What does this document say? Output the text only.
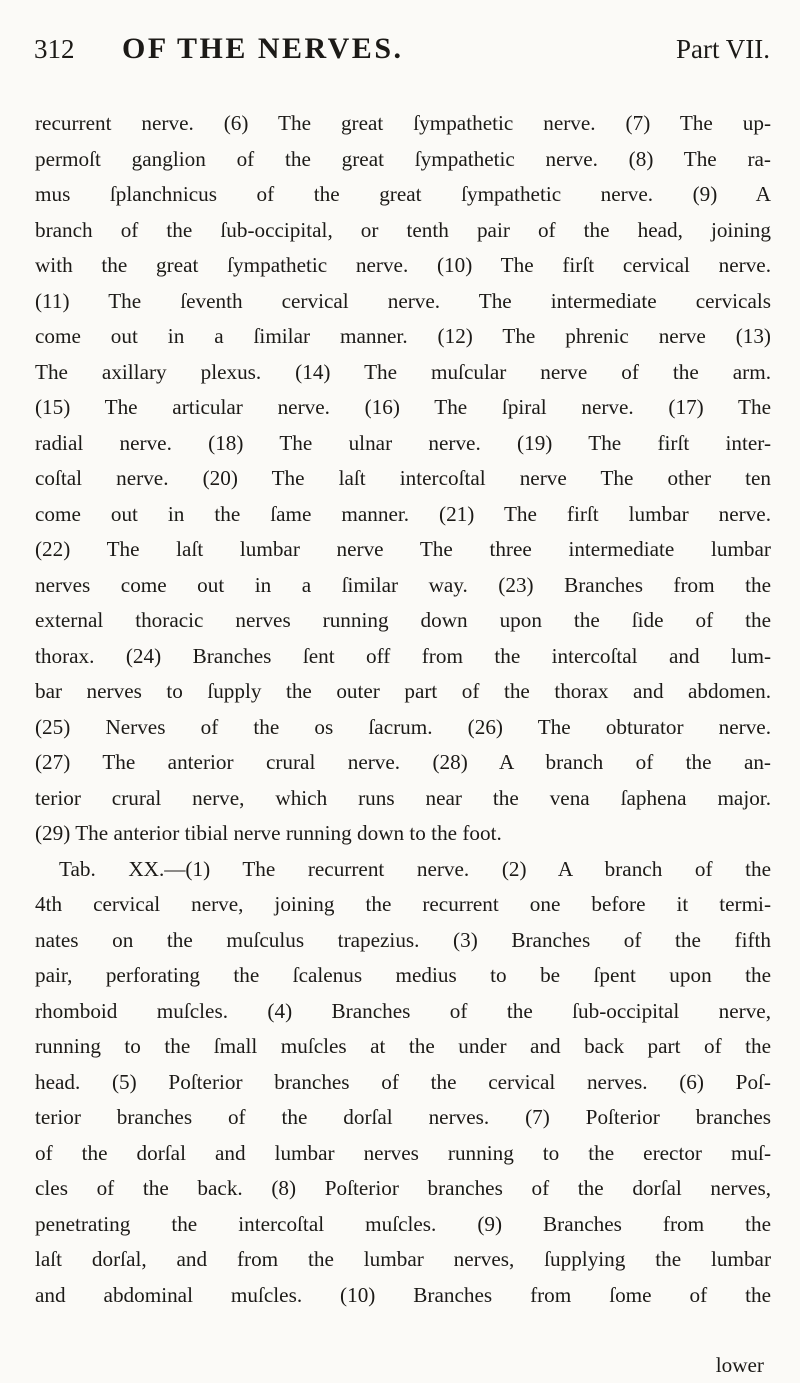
312 OF THE NERVES.	Part VII.
recurrent nerve. (6) The great ſympathetic nerve. (7) The up-
permoſt ganglion of the great ſympathetic nerve. (8) The ra-
mus ſplanchnicus of the great ſympathetic nerve. (9) A
branch of the ſub-occipital, or tenth pair of the head, joining
with the great ſympathetic nerve. (10) The firſt cervical nerve.
(11) The ſeventh cervical nerve. The intermediate cervicals
come out in a ſimilar manner. (12) The phrenic nerve (13)
The axillary plexus. (14) The muſcular nerve of the arm.
(15) The articular nerve. (16) The ſpiral nerve. (17) The
radial nerve. (18) The ulnar nerve. (19) The firſt inter-
coſtal nerve. (20) The laſt intercoſtal nerve The other ten
come out in the ſame manner. (21) The firſt lumbar nerve.
(22) The laſt lumbar nerve The three intermediate lumbar
nerves come out in a ſimilar way. (23) Branches from the
external thoracic nerves running down upon the ſide of the
thorax. (24) Branches ſent off from the intercoſtal and lum-
bar nerves to ſupply the outer part of the thorax and abdomen.
(25) Nerves of the os ſacrum. (26) The obturator nerve.
(27) The anterior crural nerve. (28) A branch of the an-
terior crural nerve, which runs near the vena ſaphena major.
(29) The anterior tibial nerve running down to the foot.
Tab. XX.—(1) The recurrent nerve. (2) A branch of the
4th cervical nerve, joining the recurrent one before it termi-
nates on the muſculus trapezius. (3) Branches of the fifth
pair, perforating the ſcalenus medius to be ſpent upon the
rhomboid muſcles. (4) Branches of the ſub-occipital nerve,
running to the ſmall muſcles at the under and back part of the
head. (5) Poſterior branches of the cervical nerves. (6) Poſ-
terior branches of the dorſal nerves. (7) Poſterior branches
of the dorſal and lumbar nerves running to the erector muſ-
cles of the back. (8) Poſterior branches of the dorſal nerves,
penetrating the intercoſtal muſcles. (9) Branches from the
laſt dorſal, and from the lumbar nerves, ſupplying the lumbar
and abdominal muſcles. (10) Branches from ſome of the
lower
